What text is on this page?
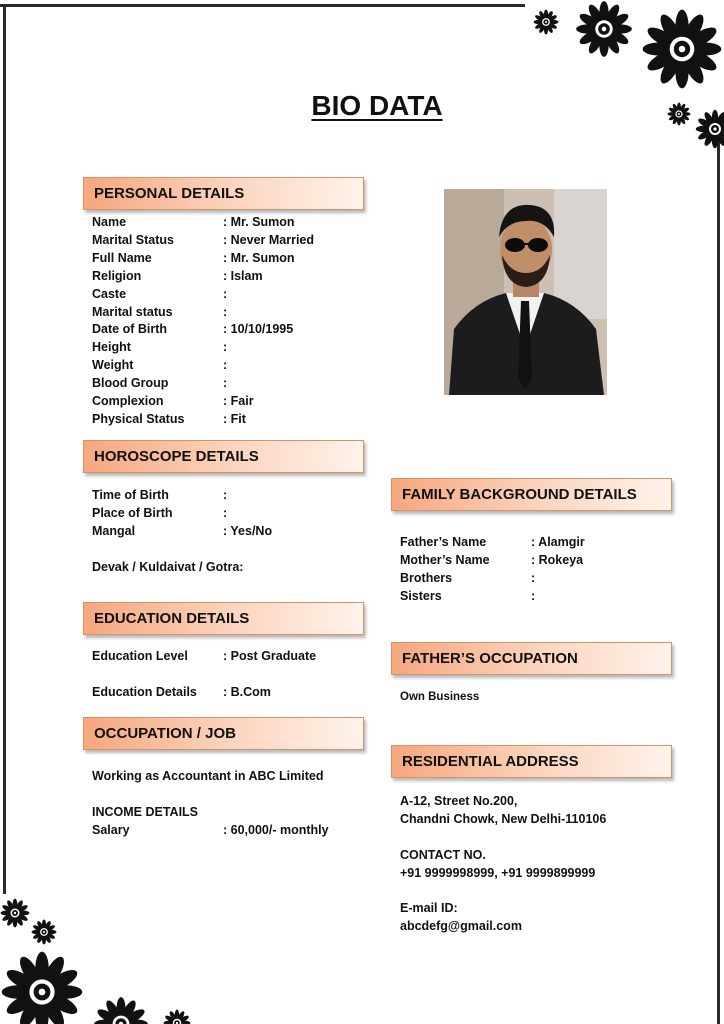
BIO DATA
PERSONAL DETAILS
Name	: Mr. Sumon
Marital Status	: Never Married
Full Name	: Mr. Sumon
Religion	: Islam
Caste	:
Marital status	:
Date of Birth	: 10/10/1995
Height	:
Weight	:
Blood Group	:
Complexion	: Fair
Physical Status	: Fit
HOROSCOPE DETAILS
Time of Birth	:
Place of Birth	:
Mangal	: Yes/No
Devak / Kuldaivat / Gotra:
EDUCATION DETAILS
Education Level	: Post Graduate
Education Details : B.Com
OCCUPATION / JOB
Working as Accountant in ABC Limited
INCOME DETAILS
Salary	: 60,000/- monthly
FAMILY BACKGROUND DETAILS
Father’s Name	: Alamgir
Mother’s Name	: Rokeya
Brothers	:
Sisters	:
FATHER’S OCCUPATION
Own Business
RESIDENTIAL ADDRESS
A-12, Street No.200,
Chandni Chowk, New Delhi-110106
CONTACT NO.
+91 9999998999, +91 9999899999
E-mail ID:
abcdefg@gmail.com
